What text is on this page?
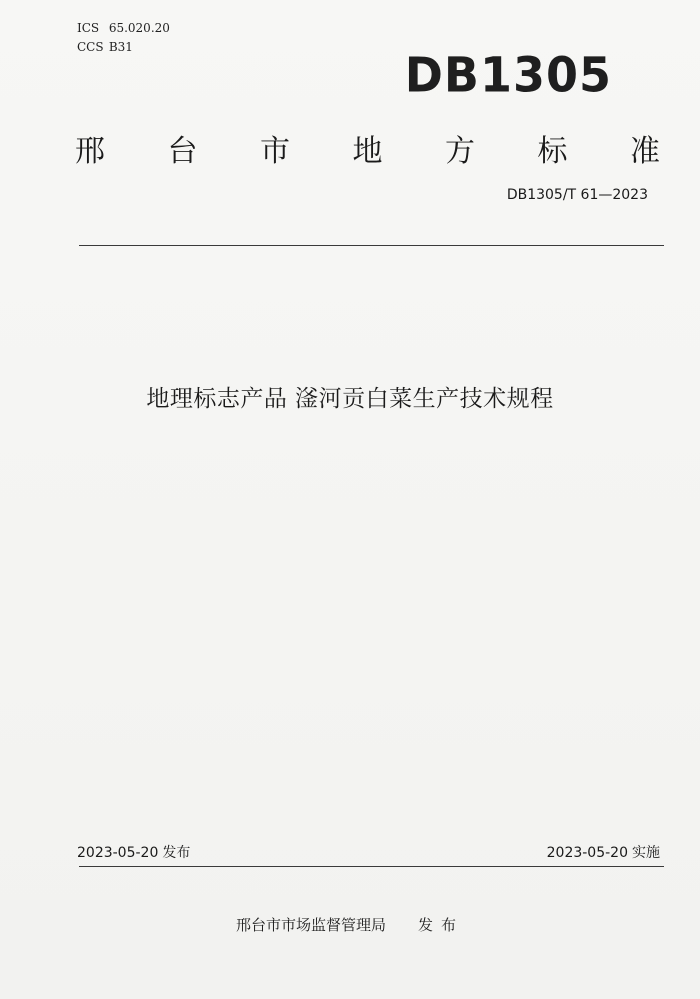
ICS 65.020.20
CCS B31	DB1305
邢 台 市 地 方 标 准
DB1305/T 61—2023
地理标志产品 滏河贡白菜生产技术规程
2023-05-20 发布	2023-05-20 实施
邢台市市场监督管理局 发布
